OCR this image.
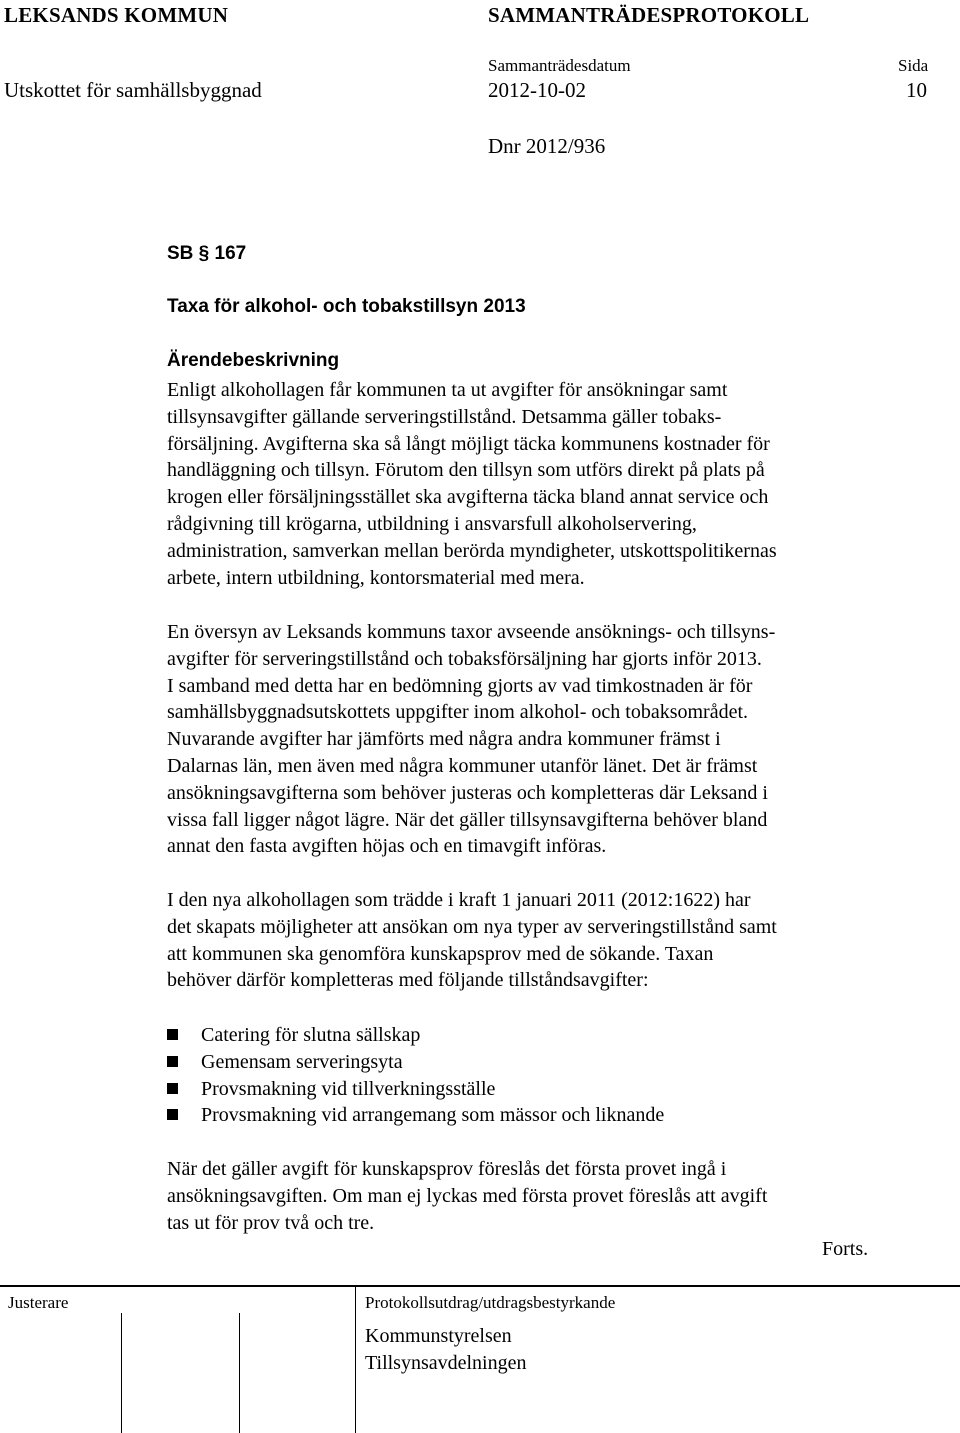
LEKSANDS KOMMUN	SAMMANTRÄDESPROTOKOLL
Sammanträdesdatum	Sida
Utskottet för samhällsbyggnad	2012-10-02	10
Dnr 2012/936
SB § 167
Taxa för alkohol- och tobakstillsyn 2013
Ärendebeskrivning
Enligt alkohollagen får kommunen ta ut avgifter för ansökningar samt
tillsynsavgifter gällande serveringstillstånd. Detsamma gäller tobaks-
försäljning. Avgifterna ska så långt möjligt täcka kommunens kostnader för
handläggning och tillsyn. Förutom den tillsyn som utförs direkt på plats på
krogen eller försäljningsstället ska avgifterna täcka bland annat service och
rådgivning till krögarna, utbildning i ansvarsfull alkoholservering,
administration, samverkan mellan berörda myndigheter, utskottspolitikernas
arbete, intern utbildning, kontorsmaterial med mera.
En översyn av Leksands kommuns taxor avseende ansöknings- och tillsyns-
avgifter för serveringstillstånd och tobaksförsäljning har gjorts inför 2013.
I samband med detta har en bedömning gjorts av vad timkostnaden är för
samhällsbyggnadsutskottets uppgifter inom alkohol- och tobaksområdet.
Nuvarande avgifter har jämförts med några andra kommuner främst i
Dalarnas län, men även med några kommuner utanför länet. Det är främst
ansökningsavgifterna som behöver justeras och kompletteras där Leksand i
vissa fall ligger något lägre. När det gäller tillsynsavgifterna behöver bland
annat den fasta avgiften höjas och en timavgift införas.
I den nya alkohollagen som trädde i kraft 1 januari 2011 (2012:1622) har
det skapats möjligheter att ansökan om nya typer av serveringstillstånd samt
att kommunen ska genomföra kunskapsprov med de sökande. Taxan
behöver därför kompletteras med följande tillståndsavgifter:
Catering för slutna sällskap
Gemensam serveringsyta
Provsmakning vid tillverkningsställe
Provsmakning vid arrangemang som mässor och liknande
När det gäller avgift för kunskapsprov föreslås det första provet ingå i
ansökningsavgiften. Om man ej lyckas med första provet föreslås att avgift
tas ut för prov två och tre.
Forts.
Justerare	Protokollsutdrag/utdragsbestyrkande
Kommunstyrelsen
Tillsynsavdelningen
